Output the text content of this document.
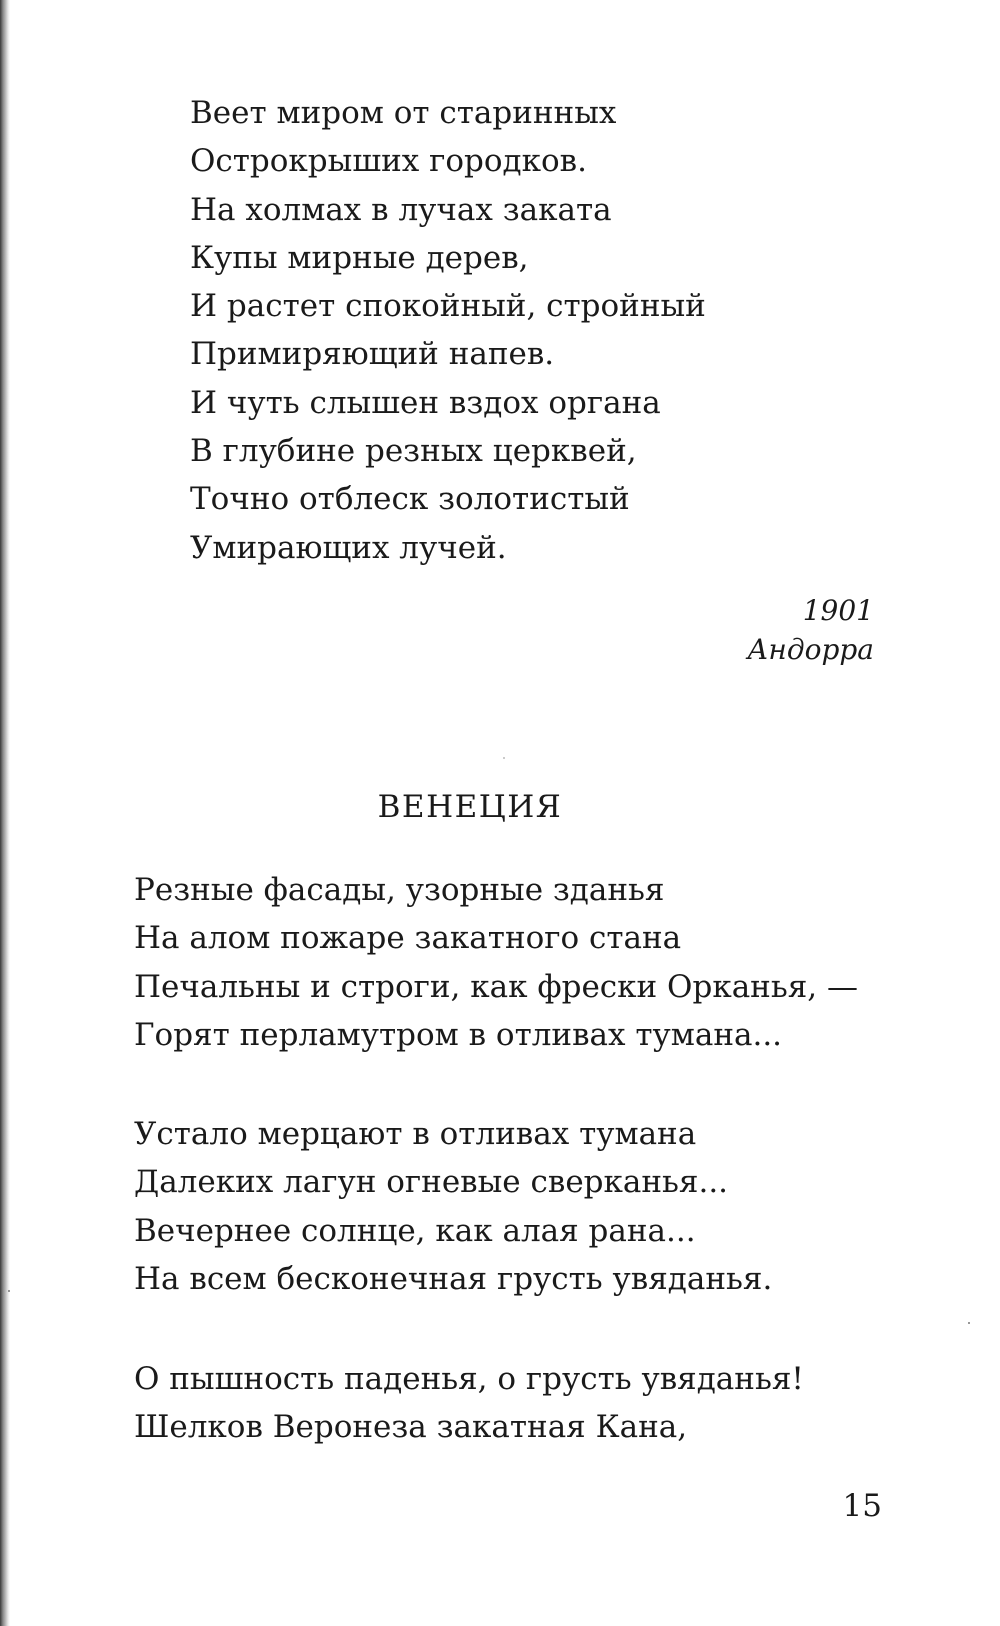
Веет миром от старинных
Острокрыших городков.
На холмах в лучах заката
Купы мирные дерев,
И растет спокойный, стройный
Примиряющий напев.
И чуть слышен вздох органа
В глубине резных церквей,
Точно отблеск золотистый
Умирающих лучей.
1901
Андорра
ВЕНЕЦИЯ
Резные фасады, узорные зданья
На алом пожаре закатного стана
Печальны и строги, как фрески Орканья, —
Горят перламутром в отливах тумана...
Устало мерцают в отливах тумана
Далеких лагун огневые сверканья...
Вечернее солнце, как алая рана...
На всем бесконечная грусть увяданья.
О пышность паденья, о грусть увяданья!
Шелков Веронеза закатная Кана,
15
